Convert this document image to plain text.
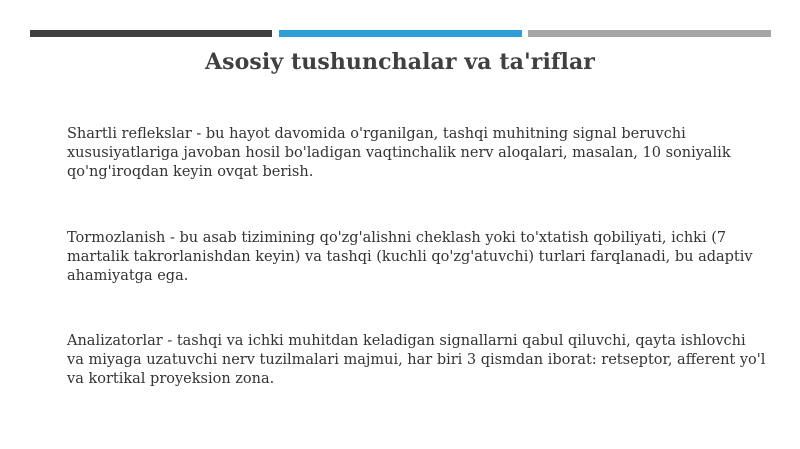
Asosiy tushunchalar va ta'riflar

Shartli reflekslar - bu hayot davomida o'rganilgan, tashqi muhitning signal beruvchi xususiyatlariga javoban hosil bo'ladigan vaqtinchalik nerv aloqalari, masalan, 10 soniyalik qo'ng'iroqdan keyin ovqat berish.

Tormozlanish - bu asab tizimining qo'zg'alishni cheklash yoki to'xtatish qobiliyati, ichki (7 martalik takrorlanishdan keyin) va tashqi (kuchli qo'zg'atuvchi) turlari farqlanadi, bu adaptiv ahamiyatga ega.

Analizatorlar - tashqi va ichki muhitdan keladigan signallarni qabul qiluvchi, qayta ishlovchi va miyaga uzatuvchi nerv tuzilmalari majmui, har biri 3 qismdan iborat: retseptor, afferent yo'l va kortikal proyeksion zona.
